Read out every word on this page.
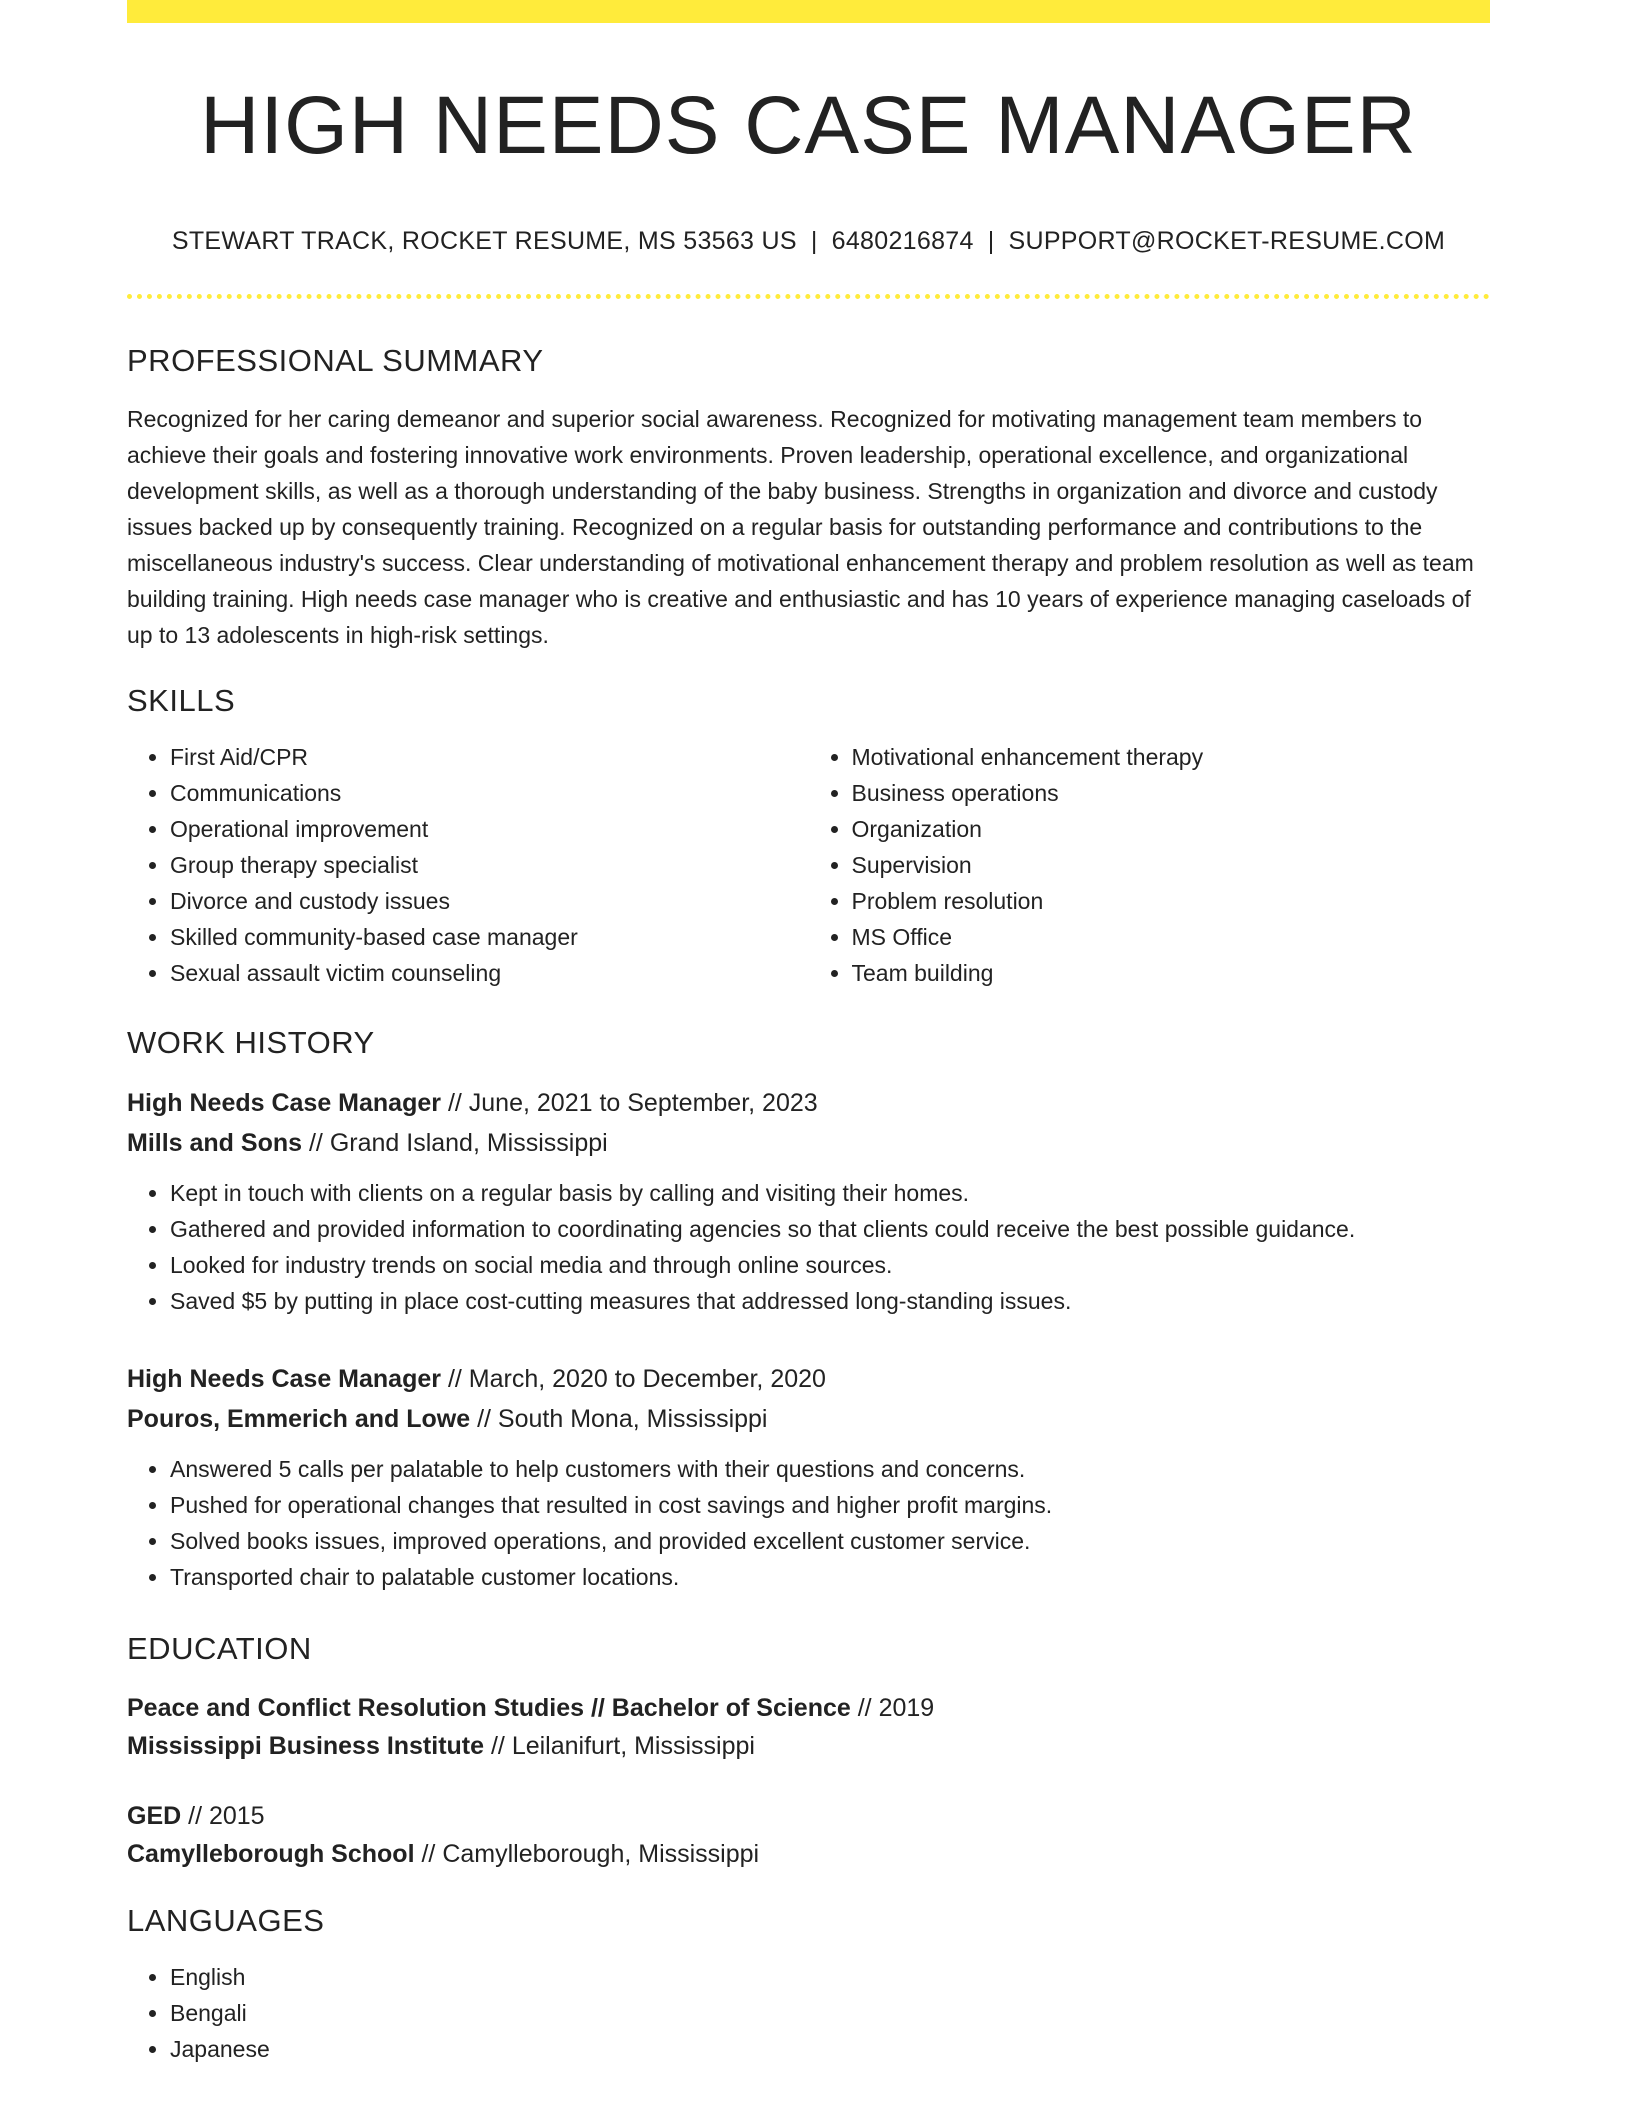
HIGH NEEDS CASE MANAGER
STEWART TRACK, ROCKET RESUME, MS 53563 US | 6480216874 | SUPPORT@ROCKET-RESUME.COM
PROFESSIONAL SUMMARY

Recognized for her caring demeanor and superior social awareness. Recognized for motivating management team members to achieve their goals and fostering innovative work environments. Proven leadership, operational excellence, and organizational development skills, as well as a thorough understanding of the baby business. Strengths in organization and divorce and custody issues backed up by consequently training. Recognized on a regular basis for outstanding performance and contributions to the miscellaneous industry's success. Clear understanding of motivational enhancement therapy and problem resolution as well as team building training. High needs case manager who is creative and enthusiastic and has 10 years of experience managing caseloads of up to 13 adolescents in high-risk settings.

SKILLS
• First Aid/CPR
• Communications
• Operational improvement
• Group therapy specialist
• Divorce and custody issues
• Skilled community-based case manager
• Sexual assault victim counseling
• Motivational enhancement therapy
• Business operations
• Organization
• Supervision
• Problem resolution
• MS Office
• Team building
WORK HISTORY
High Needs Case Manager // June, 2021 to September, 2023
Mills and Sons // Grand Island, Mississippi
• Kept in touch with clients on a regular basis by calling and visiting their homes.
• Gathered and provided information to coordinating agencies so that clients could receive the best possible guidance.
• Looked for industry trends on social media and through online sources.
• Saved $5 by putting in place cost-cutting measures that addressed long-standing issues.
High Needs Case Manager // March, 2020 to December, 2020
Pouros, Emmerich and Lowe // South Mona, Mississippi
• Answered 5 calls per palatable to help customers with their questions and concerns.
• Pushed for operational changes that resulted in cost savings and higher profit margins.
• Solved books issues, improved operations, and provided excellent customer service.
• Transported chair to palatable customer locations.
EDUCATION
Peace and Conflict Resolution Studies // Bachelor of Science // 2019
Mississippi Business Institute // Leilanifurt, Mississippi
GED // 2015
Camylleborough School // Camylleborough, Mississippi
LANGUAGES
• English
• Bengali
• Japanese
